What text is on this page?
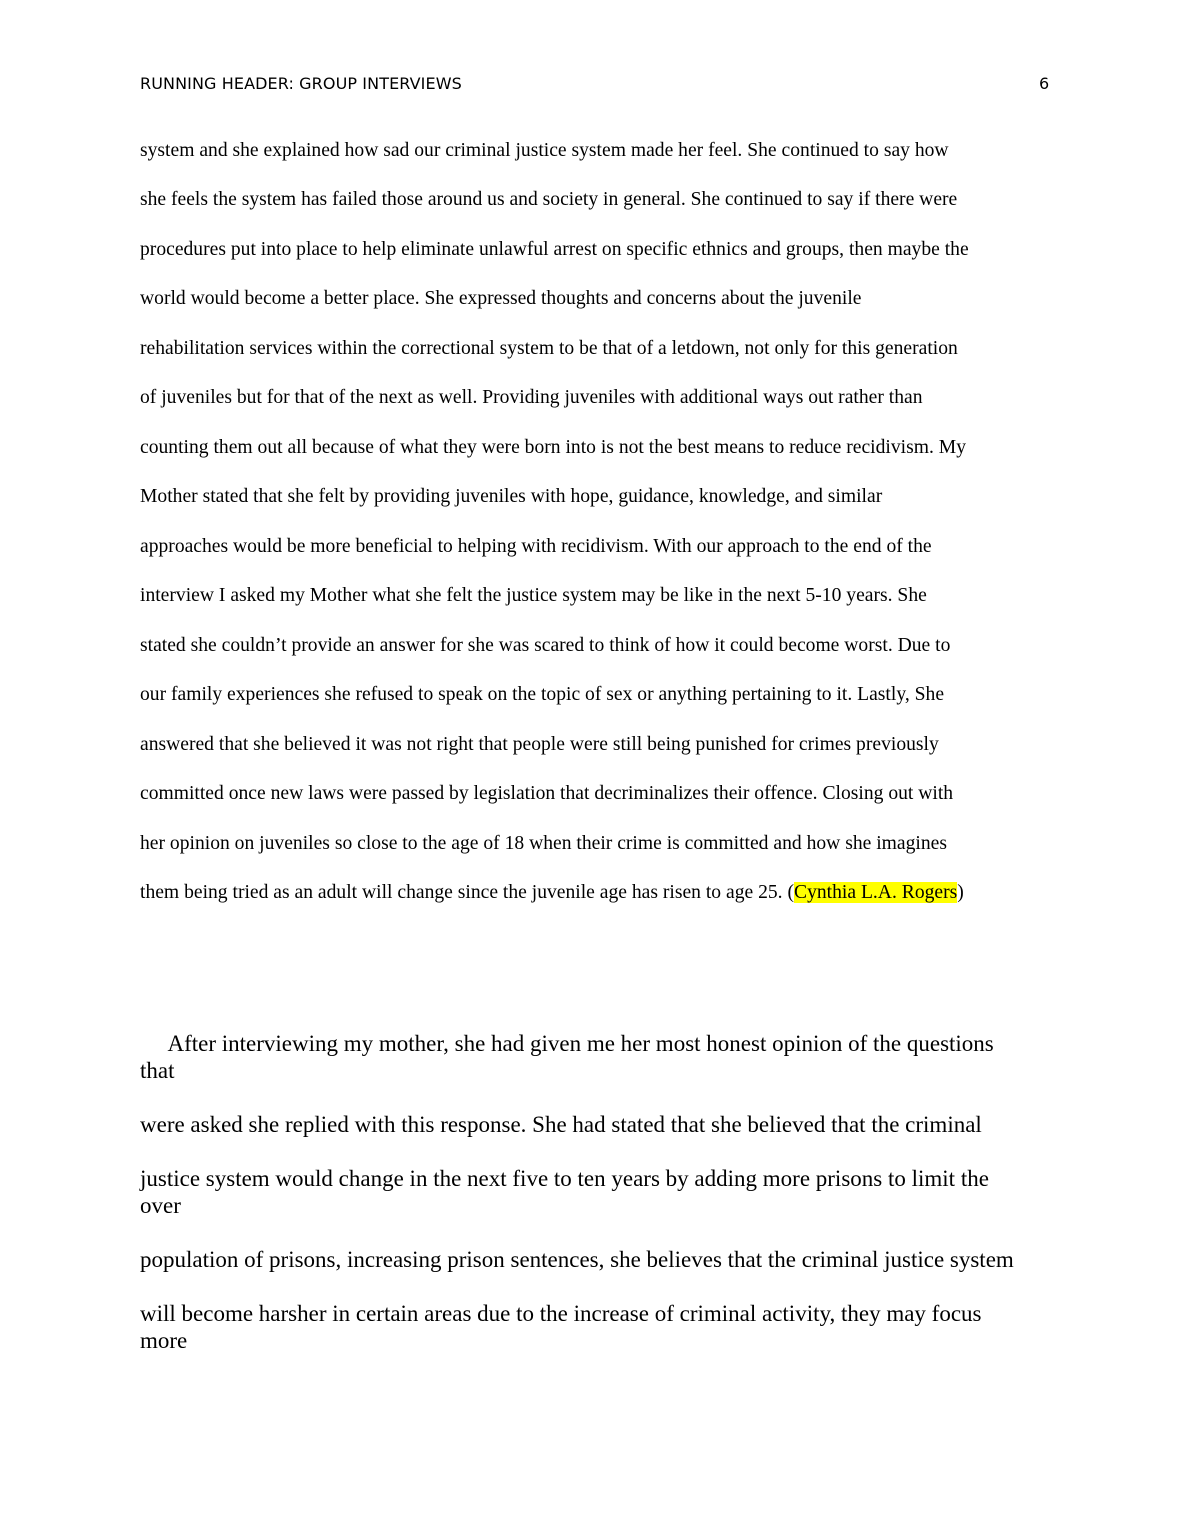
RUNNING HEADER: GROUP INTERVIEWS	6
system and she explained how sad our criminal justice system made her feel. She continued to say how
she feels the system has failed those around us and society in general. She continued to say if there were
procedures put into place to help eliminate unlawful arrest on specific ethnics and groups, then maybe the
world would become a better place. She expressed thoughts and concerns about the juvenile
rehabilitation services within the correctional system to be that of a letdown, not only for this generation
of juveniles but for that of the next as well. Providing juveniles with additional ways out rather than
counting them out all because of what they were born into is not the best means to reduce recidivism. My
Mother stated that she felt by providing juveniles with hope, guidance, knowledge, and similar
approaches would be more beneficial to helping with recidivism. With our approach to the end of the
interview I asked my Mother what she felt the justice system may be like in the next 5-10 years. She
stated she couldn’t provide an answer for she was scared to think of how it could become worst. Due to
our family experiences she refused to speak on the topic of sex or anything pertaining to it. Lastly, She
answered that she believed it was not right that people were still being punished for crimes previously
committed once new laws were passed by legislation that decriminalizes their offence. Closing out with
her opinion on juveniles so close to the age of 18 when their crime is committed and how she imagines
them being tried as an adult will change since the juvenile age has risen to age 25. (Cynthia L.A. Rogers)
After interviewing my mother, she had given me her most honest opinion of the questions
that
were asked she replied with this response. She had stated that she believed that the criminal
justice system would change in the next five to ten years by adding more prisons to limit the
over
population of prisons, increasing prison sentences, she believes that the criminal justice system
will become harsher in certain areas due to the increase of criminal activity, they may focus
more
